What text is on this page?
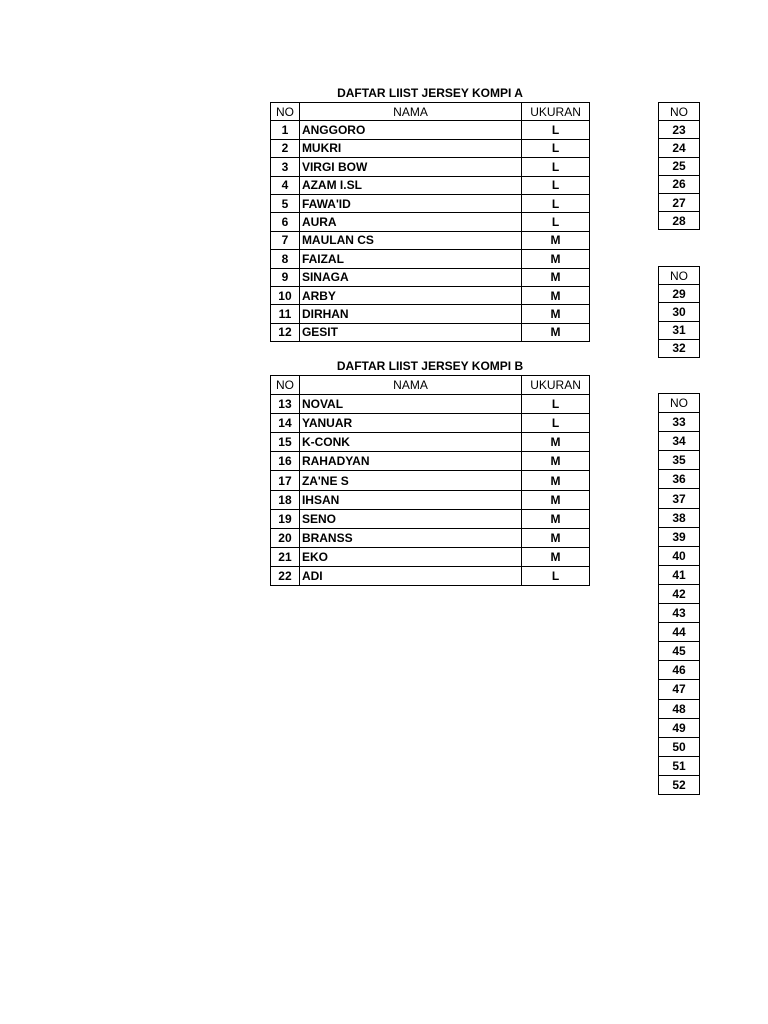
DAFTAR LIIST JERSEY KOMPI A
NO	NAMA	UKURAN
1	ANGGORO	L
2	MUKRI	L
3	VIRGI BOW	L
4	AZAM I.SL	L
5	FAWA'ID	L
6	AURA	L
7	MAULAN CS	M
8	FAIZAL	M
9	SINAGA	M
10	ARBY	M
11	DIRHAN	M
12	GESIT	M
DAFTAR LIIST JERSEY KOMPI B
NO	NAMA	UKURAN
13	NOVAL	L
14	YANUAR	L
15	K-CONK	M
16	RAHADYAN	M
17	ZA'NE S	M
18	IHSAN	M
19	SENO	M
20	BRANSS	M
21	EKO	M
22	ADI	L
NO
23
24
25
26
27
28
NO
29
30
31
32
NO
33
34
35
36
37
38
39
40
41
42
43
44
45
46
47
48
49
50
51
52
